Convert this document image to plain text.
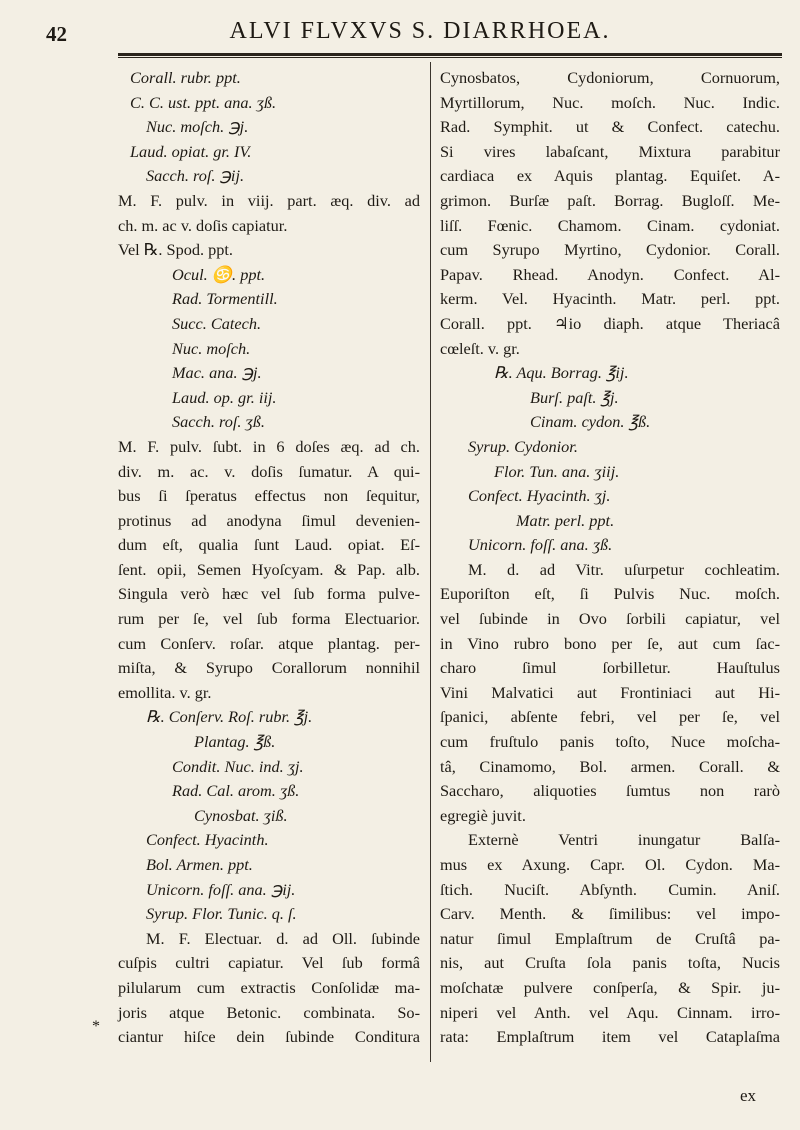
42	ALVI FLVXVS S. DIARRHOEA.
Corall. rubr. ppt.
C. C. ust. ppt. ana. ʒß.
Nuc. moſch. ℈j.
Laud. opiat. gr. IV.
Sacch. roſ. ℈ij.
M. F. pulv. in viij. part. æq. div. ad
ch. m. ac v. doſis capiatur.
Vel ℞. Spod. ppt.
Ocul. ♋. ppt.
Rad. Tormentill.
Succ. Catech.
Nuc. moſch.
Mac. ana. ℈j.
Laud. op. gr. iij.
Sacch. roſ. ʒß.
M. F. pulv. ſubt. in 6 doſes æq. ad ch.
div. m. ac. v. doſis ſumatur. A qui-
bus ſi ſperatus effectus non ſequitur,
protinus ad anodyna ſimul devenien-
dum eſt, qualia ſunt Laud. opiat. Eſ-
ſent. opii, Semen Hyoſcyam. & Pap. alb.
Singula verò hæc vel ſub forma pulve-
rum per ſe, vel ſub forma Electuarior.
cum Conſerv. roſar. atque plantag. per-
miſta, & Syrupo Corallorum nonnihil
emollita. v. gr.
℞. Conſerv. Roſ. rubr. ℥j.
Plantag. ℥ß.
Condit. Nuc. ind. ʒj.
Rad. Cal. arom. ʒß.
Cynosbat. ʒiß.
Confect. Hyacinth.
Bol. Armen. ppt.
Unicorn. foſſ. ana. ℈ij.
Syrup. Flor. Tunic. q. ſ.
M. F. Electuar. d. ad Oll. ſubinde
cuſpis cultri capiatur. Vel ſub formâ
pilularum cum extractis Conſolidæ ma-
joris atque Betonic. combinata. So-
ciantur hiſce dein ſubinde Conditura
Cynosbatos, Cydoniorum, Cornuorum,
Myrtillorum, Nuc. moſch. Nuc. Indic.
Rad. Symphit. ut & Confect. catechu.
Si vires labaſcant, Mixtura parabitur
cardiaca ex Aquis plantag. Equiſet. A-
grimon. Burſæ paſt. Borrag. Bugloſſ. Me-
liſſ. Fœnic. Chamom. Cinam. cydoniat.
cum Syrupo Myrtino, Cydonior. Corall.
Papav. Rhead. Anodyn. Confect. Al-
kerm. Vel. Hyacinth. Matr. perl. ppt.
Corall. ppt. ♃io diaph. atque Theriacâ
cœleſt. v. gr.
℞. Aqu. Borrag. ℥ij.
Burſ. paſt. ℥j.
Cinam. cydon. ℥ß.
Syrup. Cydonior.
Flor. Tun. ana. ʒiij.
Confect. Hyacinth. ʒj.
Matr. perl. ppt.
Unicorn. foſſ. ana. ʒß.
M. d. ad Vitr. uſurpetur cochleatim.
Euporiſton eſt, ſi Pulvis Nuc. moſch.
vel ſubinde in Ovo ſorbili capiatur, vel
in Vino rubro bono per ſe, aut cum ſac-
charo ſimul ſorbilletur. Hauſtulus
Vini Malvatici aut Frontiniaci aut Hi-
ſpanici, abſente febri, vel per ſe, vel
cum fruſtulo panis toſto, Nuce moſcha-
tâ, Cinamomo, Bol. armen. Corall. &
Saccharo, aliquoties ſumtus non rarò
egregiè juvit.
Externè Ventri inungatur Balſa-
mus ex Axung. Capr. Ol. Cydon. Ma-
ſtich. Nuciſt. Abſynth. Cumin. Aniſ.
Carv. Menth. & ſimilibus: vel impo-
natur ſimul Emplaſtrum de Cruſtâ pa-
nis, aut Cruſta ſola panis toſta, Nucis
moſchatæ pulvere conſperſa, & Spir. ju-
niperi vel Anth. vel Aqu. Cinnam. irro-
rata: Emplaſtrum item vel Cataplaſma
*
ex
